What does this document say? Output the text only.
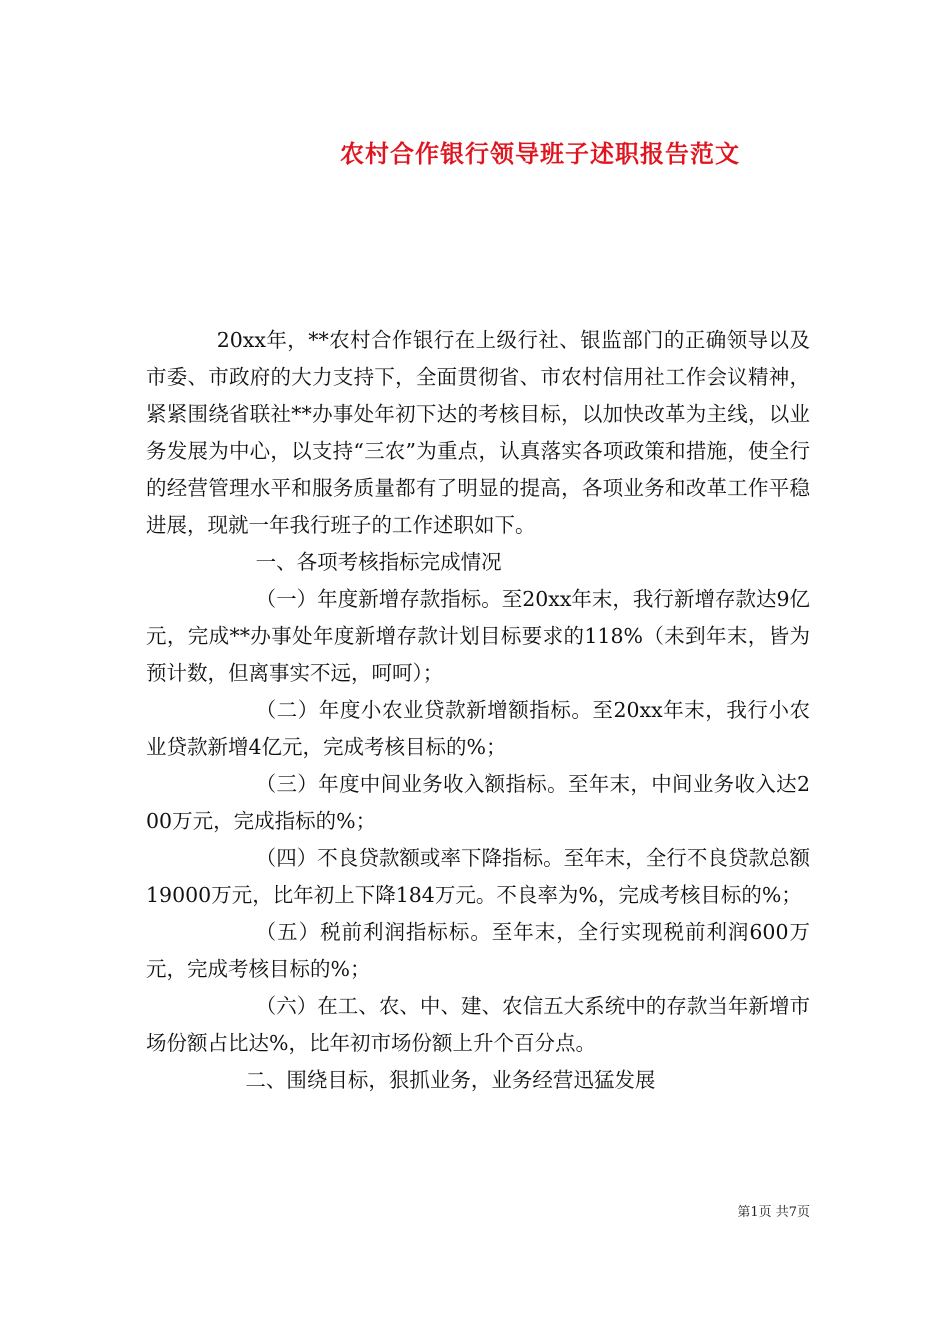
农村合作银行领导班子述职报告范文

20xx年，**农村合作银行在上级行社、银监部门的正确领导以及市委、市政府的大力支持下，全面贯彻省、市农村信用社工作会议精神，紧紧围绕省联社**办事处年初下达的考核目标，以加快改革为主线，以业务发展为中心，以支持“三农”为重点，认真落实各项政策和措施，使全行的经营管理水平和服务质量都有了明显的提高，各项业务和改革工作平稳进展，现就一年我行班子的工作述职如下。

一、各项考核指标完成情况

（一）年度新增存款指标。至20xx年末，我行新增存款达9亿元，完成**办事处年度新增存款计划目标要求的118%（未到年末，皆为预计数，但离事实不远，呵呵）；

（二）年度小农业贷款新增额指标。至20xx年末，我行小农业贷款新增4亿元，完成考核目标的%；

（三）年度中间业务收入额指标。至年末，中间业务收入达200万元，完成指标的%；

（四）不良贷款额或率下降指标。至年末，全行不良贷款总额19000万元，比年初上下降184万元。不良率为%，完成考核目标的%；

（五）税前利润指标标。至年末，全行实现税前利润600万元，完成考核目标的%；

（六）在工、农、中、建、农信五大系统中的存款当年新增市场份额占比达%，比年初市场份额上升个百分点。

二、围绕目标，狠抓业务，业务经营迅猛发展

第1页 共7页
